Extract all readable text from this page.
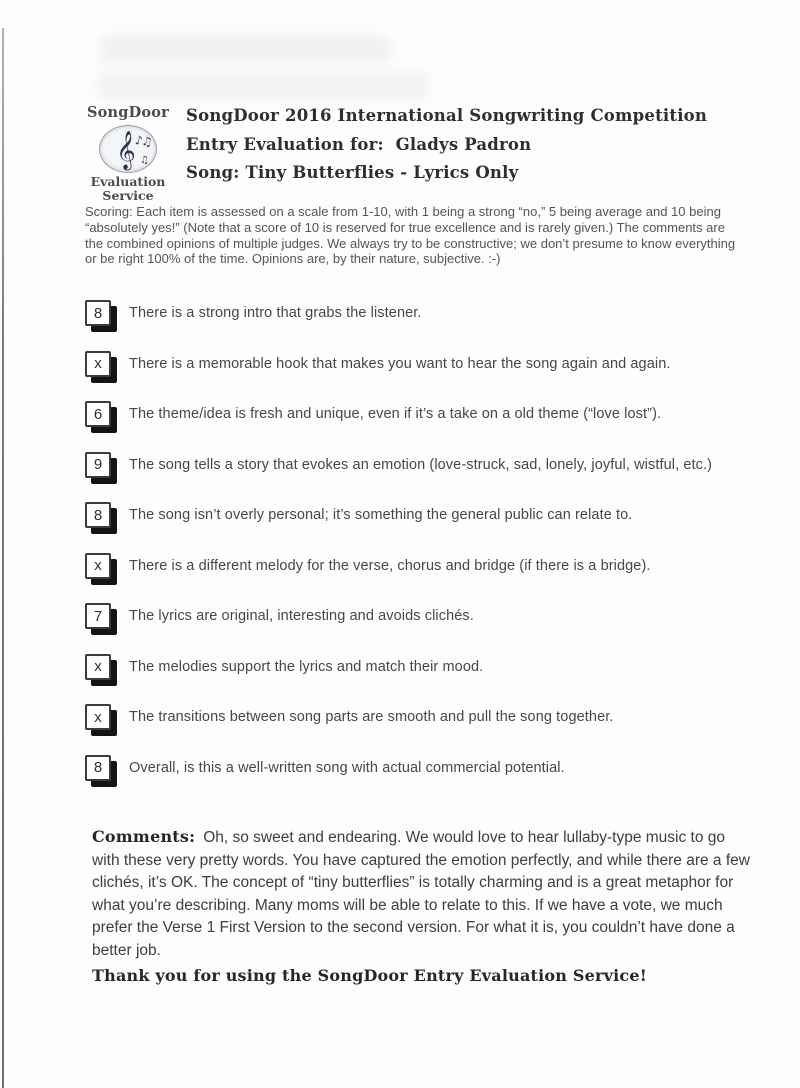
SongDoor
𝄞
♪♫
♫
Evaluation
Service

SongDoor 2016 International Songwriting Competition

Entry Evaluation for:  Gladys Padron

Song: Tiny Butterflies - Lyrics Only

Scoring: Each item is assessed on a scale from 1-10, with 1 being a strong “no,” 5 being average and 10 being “absolutely yes!” (Note that a score of 10 is reserved for true excellence and is rarely given.) The comments are the combined opinions of multiple judges. We always try to be constructive; we don’t presume to know everything or be right 100% of the time. Opinions are, by their nature, subjective. :-)

8 There is a strong intro that grabs the listener.
x There is a memorable hook that makes you want to hear the song again and again.
6 The theme/idea is fresh and unique, even if it’s a take on a old theme (“love lost”).
9 The song tells a story that evokes an emotion (love-struck, sad, lonely, joyful, wistful, etc.)
8 The song isn’t overly personal; it’s something the general public can relate to.
x There is a different melody for the verse, chorus and bridge (if there is a bridge).
7 The lyrics are original, interesting and avoids clichés.
x The melodies support the lyrics and match their mood.
x The transitions between song parts are smooth and pull the song together.
8 Overall, is this a well-written song with actual commercial potential.

Comments: Oh, so sweet and endearing. We would love to hear lullaby-type music to go with these very pretty words. You have captured the emotion perfectly, and while there are a few clichés, it’s OK. The concept of “tiny butterflies” is totally charming and is a great metaphor for what you’re describing. Many moms will be able to relate to this. If we have a vote, we much prefer the Verse 1 First Version to the second version. For what it is, you couldn’t have done a better job.

Thank you for using the SongDoor Entry Evaluation Service!
